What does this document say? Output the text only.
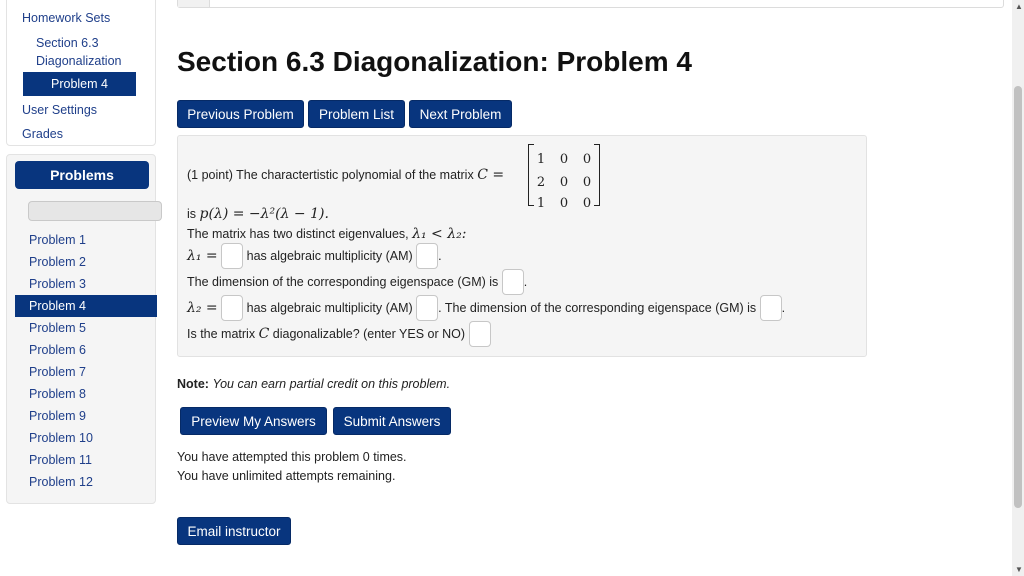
Homework Sets
Section 6.3
Diagonalization
Problem 4
User Settings
Grades
Problems
Problem 1
Problem 2
Problem 3
Problem 4
Problem 5
Problem 6
Problem 7
Problem 8
Problem 9
Problem 10
Problem 11
Problem 12
Section 6.3 Diagonalization: Problem 4
Previous Problem	Problem List	Next Problem
(1 point) The charactertistic polynomial of the matrix
C =
1	0	0
2	0	0
1	0	0
is
p(λ) = −λ²(λ − 1).
The matrix has two distinct eigenvalues,
λ₁ < λ₂:
λ₁ =

has algebraic multiplicity (AM)
.
The dimension of the corresponding eigenspace (GM) is
.
λ₂ =

has algebraic multiplicity (AM)
. The dimension of the corresponding eigenspace (GM) is
.
Is the matrix
C
diagonalizable? (enter YES or NO)

Note: You can earn partial credit on this problem.
Preview My Answers	Submit Answers
You have attempted this problem 0 times.
You have unlimited attempts remaining.
Email instructor
▲
▼
